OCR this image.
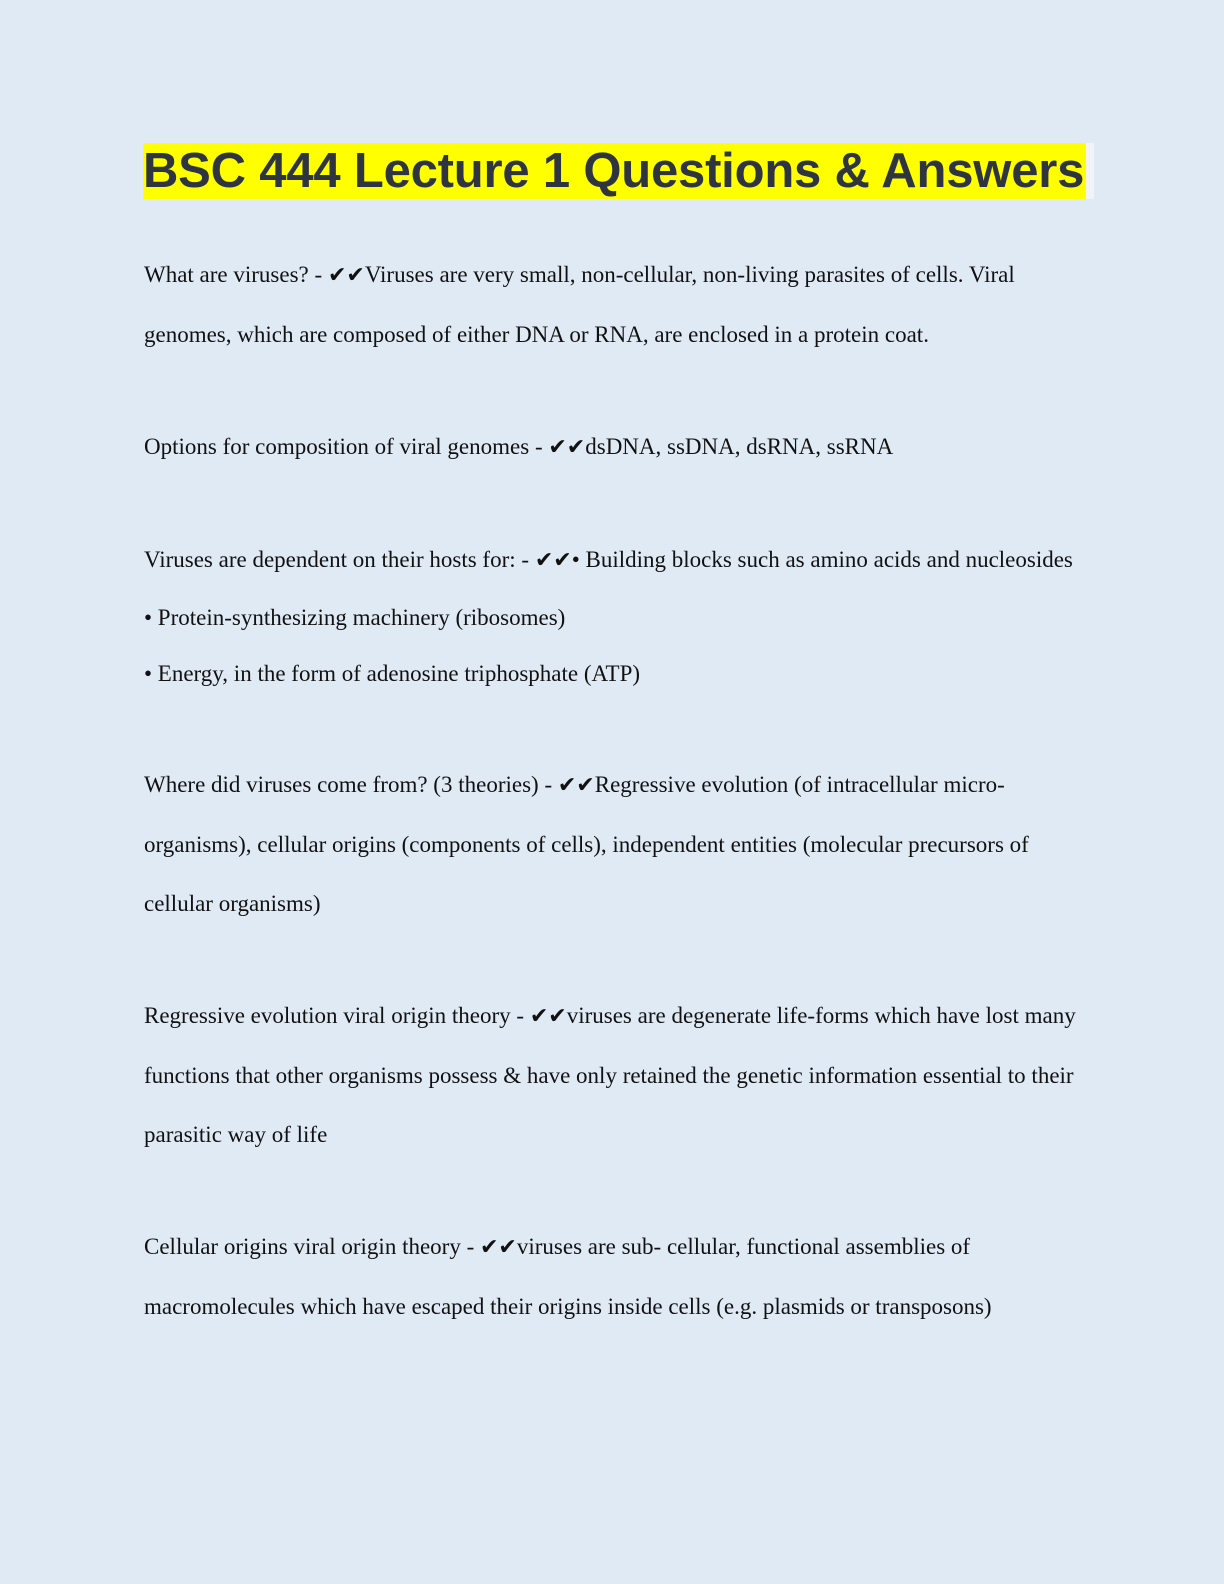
BSC 444 Lecture 1 Questions & Answers

What are viruses? - ✔✔Viruses are very small, non-cellular, non-living parasites of cells. Viral genomes, which are composed of either DNA or RNA, are enclosed in a protein coat.

Options for composition of viral genomes - ✔✔dsDNA, ssDNA, dsRNA, ssRNA

Viruses are dependent on their hosts for: - ✔✔• Building blocks such as amino acids and nucleosides

• Protein-synthesizing machinery (ribosomes)

• Energy, in the form of adenosine triphosphate (ATP)

Where did viruses come from? (3 theories) - ✔✔Regressive evolution (of intracellular micro-organisms), cellular origins (components of cells), independent entities (molecular precursors of cellular organisms)

Regressive evolution viral origin theory - ✔✔viruses are degenerate life-forms which have lost many functions that other organisms possess & have only retained the genetic information essential to their parasitic way of life

Cellular origins viral origin theory - ✔✔viruses are sub- cellular, functional assemblies of macromolecules which have escaped their origins inside cells (e.g. plasmids or transposons)
